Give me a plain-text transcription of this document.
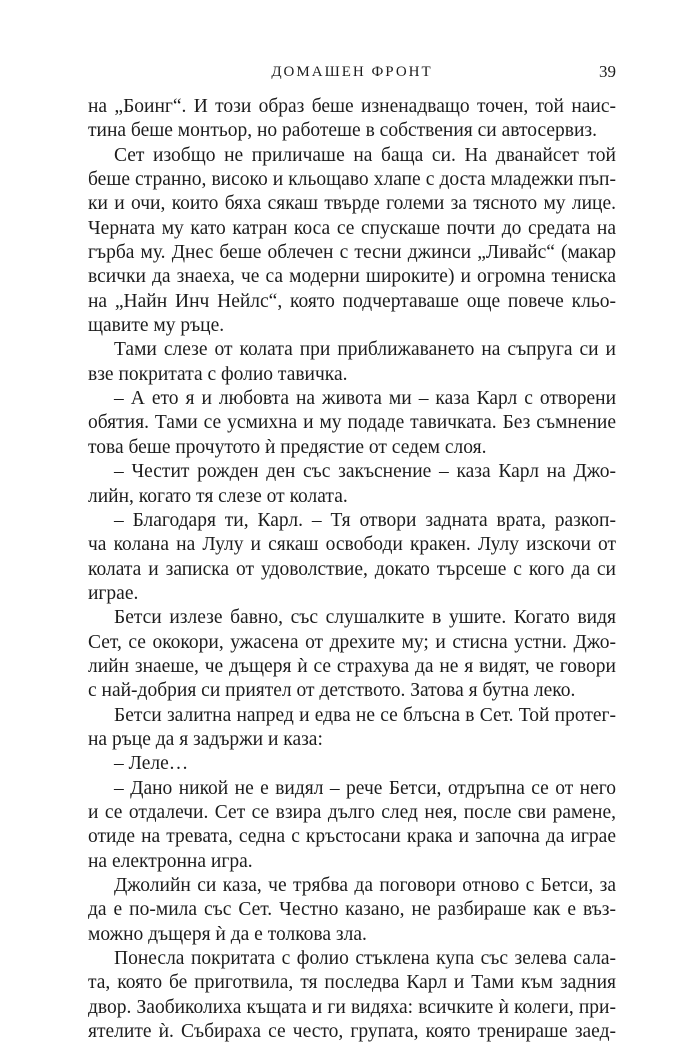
ДОМАШЕН ФРОНТ	39
на „Боинг“. И този образ беше изненадващо точен, той наис-
тина беше монтьор, но работеше в собствения си автосервиз.
Сет изобщо не приличаше на баща си. На дванайсет той
беше странно, високо и кльощаво хлапе с доста младежки пъп-
ки и очи, които бяха сякаш твърде големи за тясното му лице.
Черната му като катран коса се спускаше почти до средата на
гърба му. Днес беше облечен с тесни джинси „Ливайс“ (макар
всички да знаеха, че са модерни широките) и огромна тениска
на „Найн Инч Нейлс“, която подчертаваше още повече кльо-
щавите му ръце.
Тами слезе от колата при приближаването на съпруга си и
взе покритата с фолио тавичка.
– А ето я и любовта на живота ми – каза Карл с отворени
обятия. Тами се усмихна и му подаде тавичката. Без съмнение
това беше прочутото ѝ предястие от седем слоя.
– Честит рожден ден със закъснение – каза Карл на Джо-
лийн, когато тя слезе от колата.
– Благодаря ти, Карл. – Тя отвори задната врата, разкоп-
ча колана на Лулу и сякаш освободи кракен. Лулу изскочи от
колата и записка от удоволствие, докато търсеше с кого да си
играе.
Бетси излезе бавно, със слушалките в ушите. Когато видя
Сет, се ококори, ужасена от дрехите му; и стисна устни. Джо-
лийн знаеше, че дъщеря ѝ се страхува да не я видят, че говори
с най-добрия си приятел от детството. Затова я бутна леко.
Бетси залитна напред и едва не се блъсна в Сет. Той протег-
на ръце да я задържи и каза:
– Леле…
– Дано никой не е видял – рече Бетси, отдръпна се от него
и се отдалечи. Сет се взира дълго след нея, после сви рамене,
отиде на тревата, седна с кръстосани крака и започна да играе
на електронна игра.
Джолийн си каза, че трябва да поговори отново с Бетси, за
да е по-мила със Сет. Честно казано, не разбираше как е въз-
можно дъщеря ѝ да е толкова зла.
Понесла покритата с фолио стъклена купа със зелева сала-
та, която бе приготвила, тя последва Карл и Тами към задния
двор. Заобиколиха къщата и ги видяха: всичките ѝ колеги, при-
ятелите ѝ. Събираха се често, групата, която тренираше заед-
